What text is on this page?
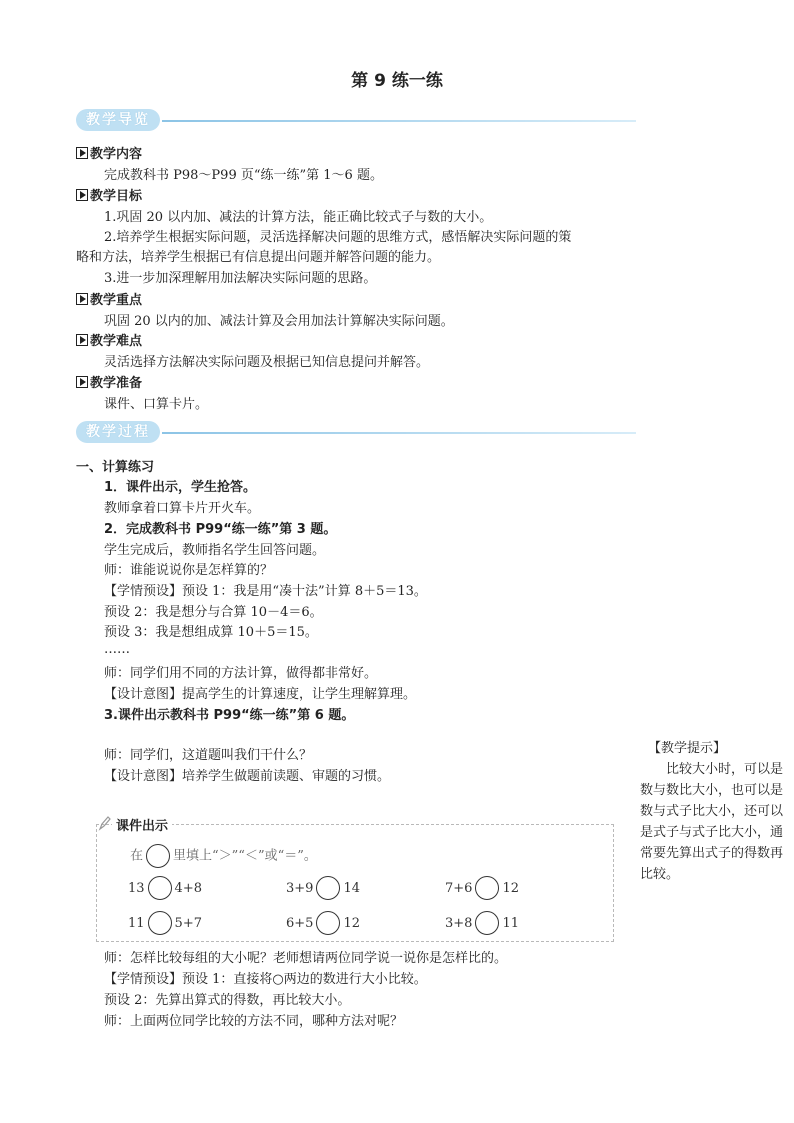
第 9 练一练
教学导览
教学内容
完成教科书 P98～P99 页“练一练”第 1～6 题。
教学目标
1.巩固 20 以内加、减法的计算方法，能正确比较式子与数的大小。
2.培养学生根据实际问题，灵活选择解决问题的思维方式，感悟解决实际问题的策
略和方法，培养学生根据已有信息提出问题并解答问题的能力。
3.进一步加深理解用加法解决实际问题的思路。
教学重点
巩固 20 以内的加、减法计算及会用加法计算解决实际问题。
教学难点
灵活选择方法解决实际问题及根据已知信息提问并解答。
教学准备
课件、口算卡片。
教学过程
一、计算练习
1．课件出示，学生抢答。
教师拿着口算卡片开火车。
2．完成教科书 P99“练一练”第 3 题。
学生完成后，教师指名学生回答问题。
师：谁能说说你是怎样算的？
【学情预设】预设 1：我是用“凑十法”计算 8＋5＝13。
预设 2：我是想分与合算 10－4＝6。
预设 3：我是想组成算 10＋5＝15。
……
师：同学们用不同的方法计算，做得都非常好。
【设计意图】提高学生的计算速度，让学生理解算理。
3.课件出示教科书 P99“练一练”第 6 题。
师：同学们，这道题叫我们干什么？
【设计意图】培养学生做题前读题、审题的习惯。
【教学提示】
比较大小时，可以是数与数比大小，也可以是数与式子比大小，还可以是式子与式子比大小，通常要先算出式子的得数再比较。
课件出示
在 里填上“＞”“＜”或“＝”。
13 4+8	3+9 14	7+6 12
11 5+7	6+5 12	3+8 11
师：怎样比较每组的大小呢？老师想请两位同学说一说你是怎样比的。
【学情预设】预设 1：直接将○两边的数进行大小比较。
预设 2：先算出算式的得数，再比较大小。
师：上面两位同学比较的方法不同，哪种方法对呢？
